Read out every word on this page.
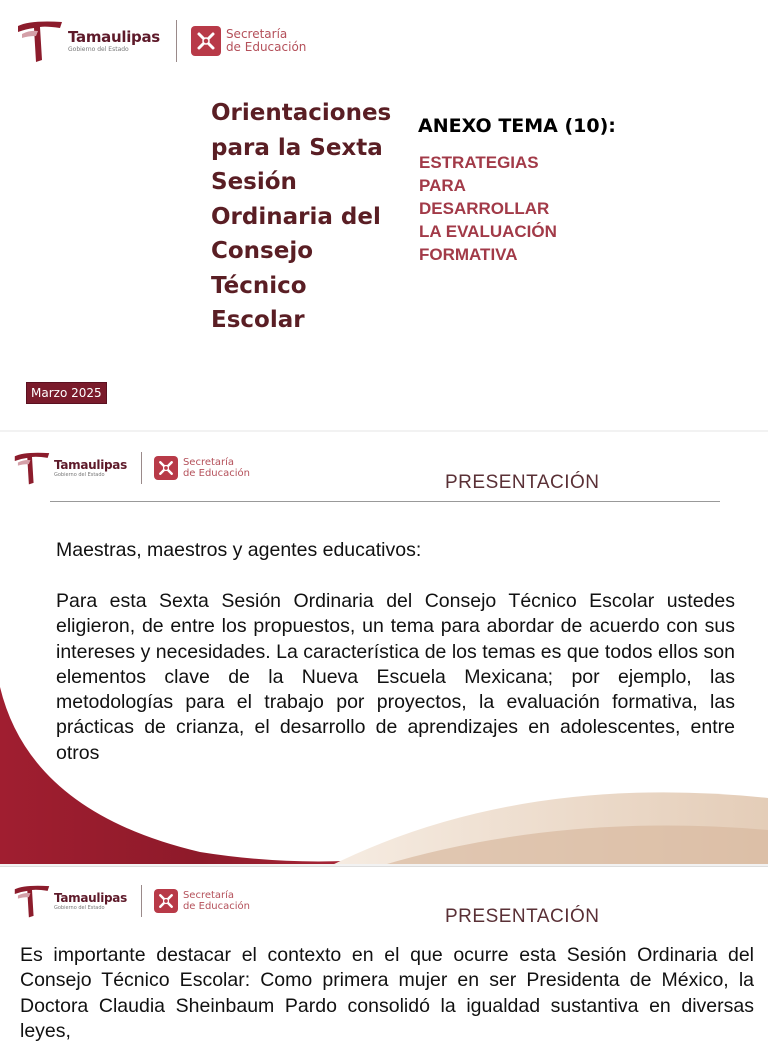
Tamaulipas
Gobierno del Estado
Secretaría
de Educación
Orientaciones
para la Sexta
Sesión
Ordinaria del
Consejo Técnico
Escolar
ANEXO TEMA (10):
ESTRATEGIAS
PARA
DESARROLLAR
LA EVALUACIÓN
FORMATIVA
Marzo 2025
Tamaulipas
Gobierno del Estado
Secretaría
de Educación	PRESENTACIÓN
Maestras, maestros y agentes educativos:
Para esta Sexta Sesión Ordinaria del Consejo Técnico Escolar ustedes eligieron, de entre los propuestos, un tema para abordar de acuerdo con sus intereses y necesidades. La característica de los temas es que todos ellos son elementos clave de la Nueva Escuela Mexicana; por ejemplo, las metodologías para el trabajo por proyectos, la evaluación formativa, las prácticas de crianza, el desarrollo de aprendizajes en adolescentes, entre otros
Tamaulipas
Gobierno del Estado
Secretaría
de Educación	PRESENTACIÓN
Es importante destacar el contexto en el que ocurre esta Sesión Ordinaria del Consejo Técnico Escolar: Como primera mujer en ser Presidenta de México, la Doctora Claudia Sheinbaum Pardo consolidó la igualdad sustantiva en diversas leyes,
